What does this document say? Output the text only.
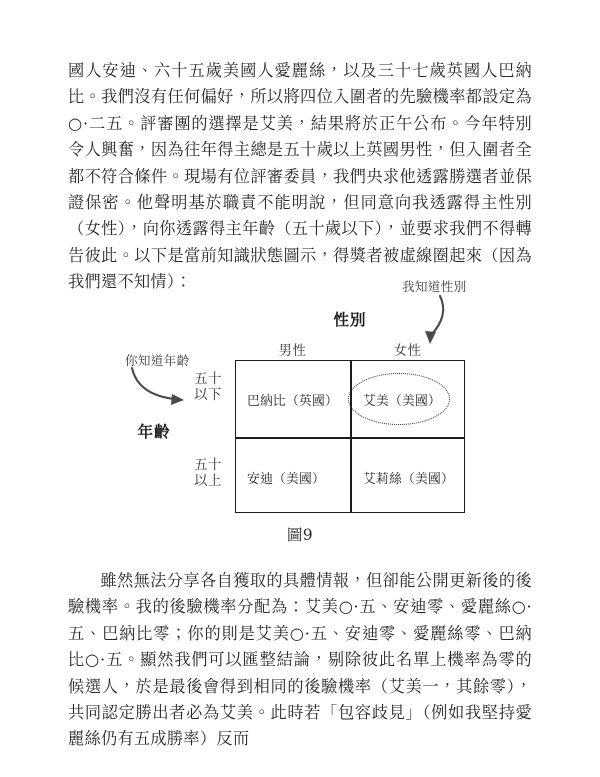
國人安迪、六十五歲美國人愛麗絲，以及三十七歲英國人巴納比。我們沒有任何偏好，所以將四位入圍者的先驗機率都設定為○·二五。評審團的選擇是艾美，結果將於正午公布。今年特別令人興奮，因為往年得主總是五十歲以上英國男性，但入圍者全都不符合條件。現場有位評審委員，我們央求他透露勝選者並保證保密。他聲明基於職責不能明說，但同意向我透露得主性別（女性），向你透露得主年齡（五十歲以下），並要求我們不得轉告彼此。以下是當前知識狀態圖示，得獎者被虛線圈起來（因為我們還不知情）：

性別
年齡
男性	女性
五十
以下
五十
以上
巴納比（英國） 艾美（美國）
安迪（美國）	艾莉絲（美國）
我知道性別
你知道年齡
圖9

雖然無法分享各自獲取的具體情報，但卻能公開更新後的後驗機率。我的後驗機率分配為：艾美○·五、安迪零、愛麗絲○·五、巴納比零；你的則是艾美○·五、安迪零、愛麗絲零、巴納比○·五。顯然我們可以匯整結論，剔除彼此名單上機率為零的候選人，於是最後會得到相同的後驗機率（艾美一，其餘零），共同認定勝出者必為艾美。此時若「包容歧見」（例如我堅持愛麗絲仍有五成勝率）反而
